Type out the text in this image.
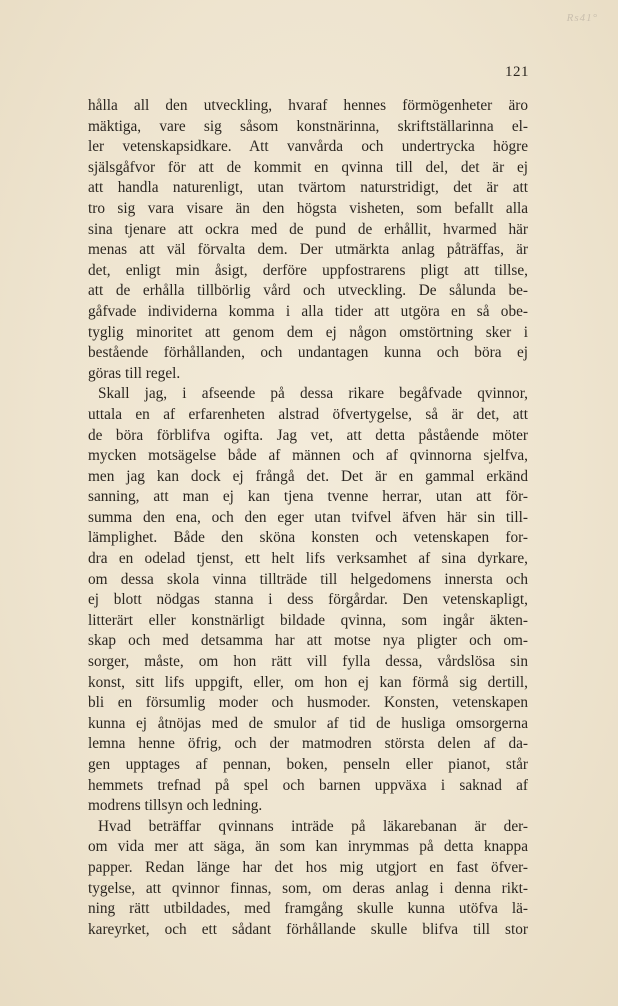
Rs41°
121
hålla all den utveckling, hvaraf hennes förmögenheter äro
mäktiga, vare sig såsom konstnärinna, skriftställarinna el-
ler vetenskapsidkare. Att vanvårda och undertrycka högre
själsgåfvor för att de kommit en qvinna till del, det är ej
att handla naturenligt, utan tvärtom naturstridigt, det är att
tro sig vara visare än den högsta visheten, som befallt alla
sina tjenare att ockra med de pund de erhållit, hvarmed här
menas att väl förvalta dem. Der utmärkta anlag påträffas, är
det, enligt min åsigt, derföre uppfostrarens pligt att tillse,
att de erhålla tillbörlig vård och utveckling. De sålunda be-
gåfvade individerna komma i alla tider att utgöra en så obe-
tyglig minoritet att genom dem ej någon omstörtning sker i
bestående förhållanden, och undantagen kunna och böra ej
göras till regel.
Skall jag, i afseende på dessa rikare begåfvade qvinnor,
uttala en af erfarenheten alstrad öfvertygelse, så är det, att
de böra förblifva ogifta. Jag vet, att detta påstående möter
mycken motsägelse både af männen och af qvinnorna sjelfva,
men jag kan dock ej frångå det. Det är en gammal erkänd
sanning, att man ej kan tjena tvenne herrar, utan att för-
summa den ena, och den eger utan tvifvel äfven här sin till-
lämplighet. Både den sköna konsten och vetenskapen for-
dra en odelad tjenst, ett helt lifs verksamhet af sina dyrkare,
om dessa skola vinna tillträde till helgedomens innersta och
ej blott nödgas stanna i dess förgårdar. Den vetenskapligt,
litterärt eller konstnärligt bildade qvinna, som ingår äkten-
skap och med detsamma har att motse nya pligter och om-
sorger, måste, om hon rätt vill fylla dessa, vårdslösa sin
konst, sitt lifs uppgift, eller, om hon ej kan förmå sig dertill,
bli en försumlig moder och husmoder. Konsten, vetenskapen
kunna ej åtnöjas med de smulor af tid de husliga omsorgerna
lemna henne öfrig, och der matmodren största delen af da-
gen upptages af pennan, boken, penseln eller pianot, står
hemmets trefnad på spel och barnen uppväxa i saknad af
modrens tillsyn och ledning.
Hvad beträffar qvinnans inträde på läkarebanan är der-
om vida mer att säga, än som kan inrymmas på detta knappa
papper. Redan länge har det hos mig utgjort en fast öfver-
tygelse, att qvinnor finnas, som, om deras anlag i denna rikt-
ning rätt utbildades, med framgång skulle kunna utöfva lä-
kareyrket, och ett sådant förhållande skulle blifva till stor
